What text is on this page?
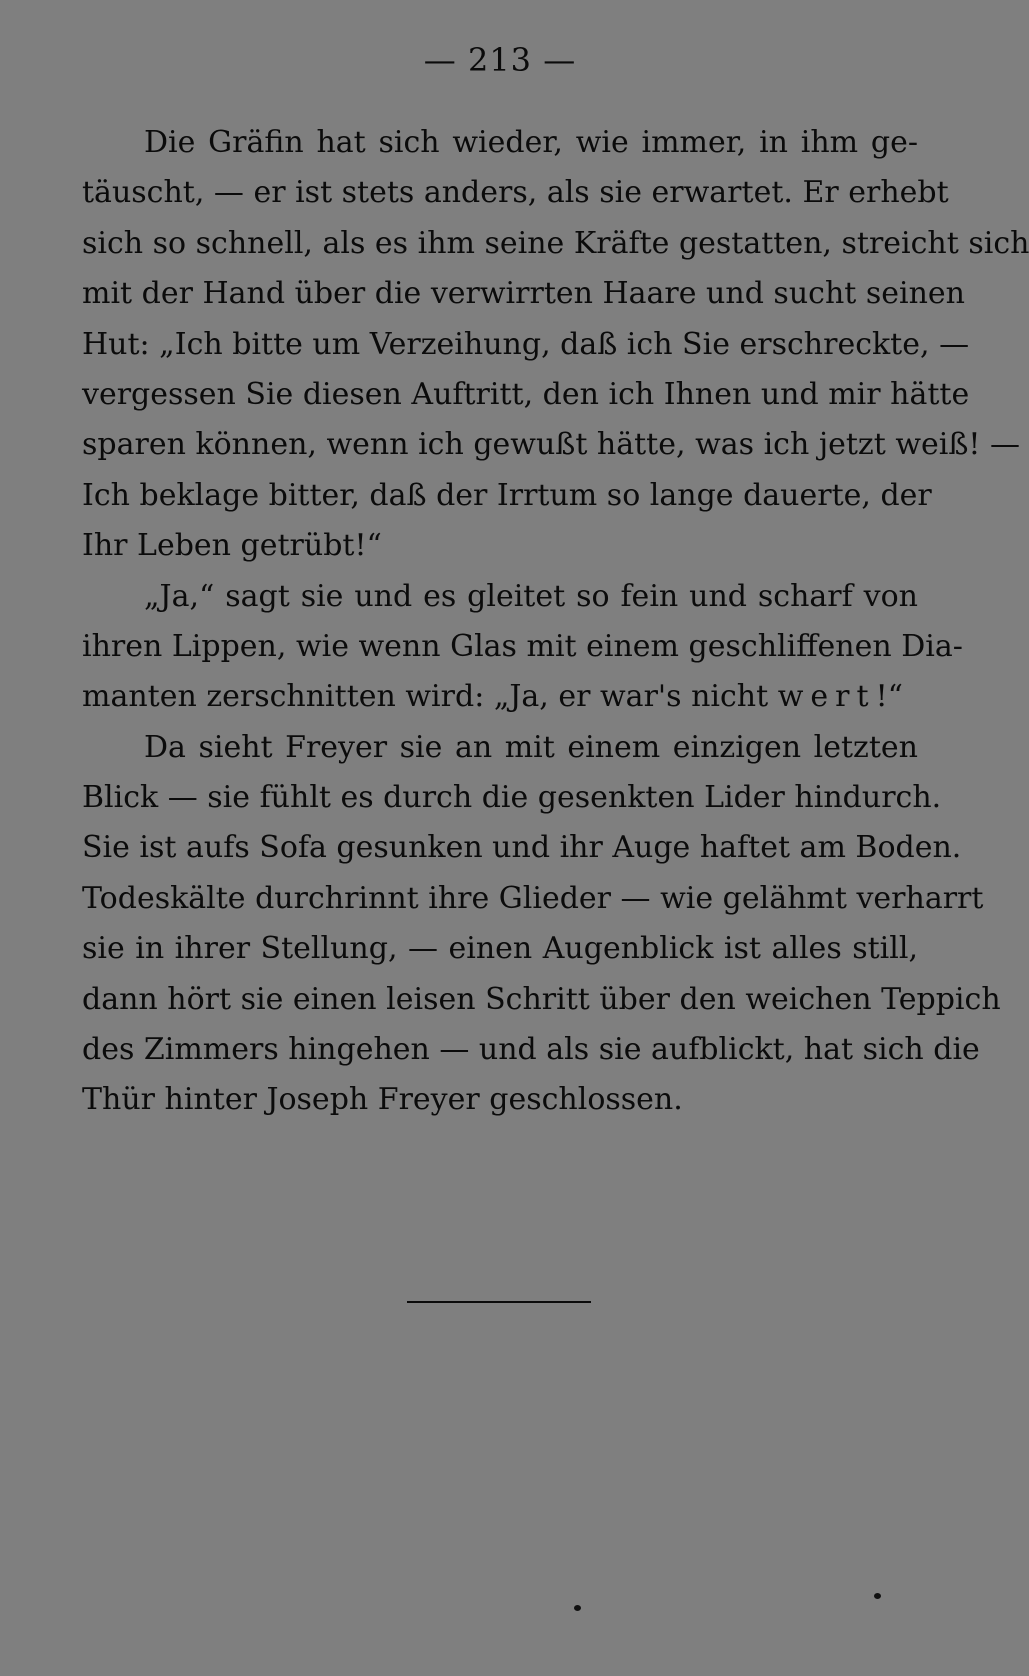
— 213 —
Die Gräfin hat sich wieder, wie immer, in ihm ge-
täuscht, — er ist stets anders, als sie erwartet. Er erhebt
sich so schnell, als es ihm seine Kräfte gestatten, streicht sich
mit der Hand über die verwirrten Haare und sucht seinen
Hut: „Ich bitte um Verzeihung, daß ich Sie erschreckte, —
vergessen Sie diesen Auftritt, den ich Ihnen und mir hätte
sparen können, wenn ich gewußt hätte, was ich jetzt weiß! —
Ich beklage bitter, daß der Irrtum so lange dauerte, der
Ihr Leben getrübt!“
„Ja,“ sagt sie und es gleitet so fein und scharf von
ihren Lippen, wie wenn Glas mit einem geschliffenen Dia-
manten zerschnitten wird: „Ja, er war's nicht wert!“
Da sieht Freyer sie an mit einem einzigen letzten
Blick — sie fühlt es durch die gesenkten Lider hindurch.
Sie ist aufs Sofa gesunken und ihr Auge haftet am Boden.
Todeskälte durchrinnt ihre Glieder — wie gelähmt verharrt
sie in ihrer Stellung, — einen Augenblick ist alles still,
dann hört sie einen leisen Schritt über den weichen Teppich
des Zimmers hingehen — und als sie aufblickt, hat sich die
Thür hinter Joseph Freyer geschlossen.
